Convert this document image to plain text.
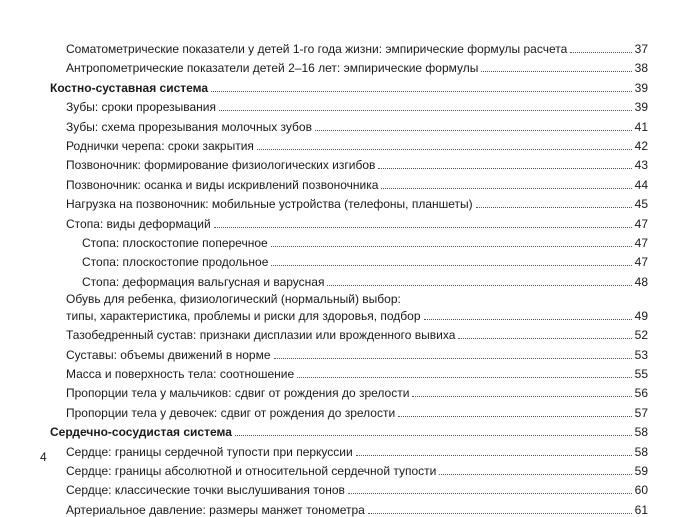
Соматометрические показатели у детей 1-го года жизни: эмпирические формулы расчета	37
Антропометрические показатели детей 2–16 лет: эмпирические формулы	38
Костно-суставная система	39
Зубы: сроки прорезывания	39
Зубы: схема прорезывания молочных зубов	41
Роднички черепа: сроки закрытия	42
Позвоночник: формирование физиологических изгибов	43
Позвоночник: осанка и виды искривлений позвоночника	44
Нагрузка на позвоночник: мобильные устройства (телефоны, планшеты)	45
Стопа: виды деформаций	47
Стопа: плоскостопие поперечное	47
Стопа: плоскостопие продольное	47
Стопа: деформация вальгусная и варусная	48
Обувь для ребенка, физиологический (нормальный) выбор:
типы, характеристика, проблемы и риски для здоровья, подбор	49
Тазобедренный сустав: признаки дисплазии или врожденного вывиха	52
Суставы: объемы движений в норме	53
Масса и поверхность тела: соотношение	55
Пропорции тела у мальчиков: сдвиг от рождения до зрелости	56
Пропорции тела у девочек: сдвиг от рождения до зрелости	57
Сердечно-сосудистая система	58
Сердце: границы сердечной тупости при перкуссии	58
Сердце: границы абсолютной и относительной сердечной тупости	59
Сердце: классические точки выслушивания тонов	60
Артериальное давление: размеры манжет тонометра	61
4
